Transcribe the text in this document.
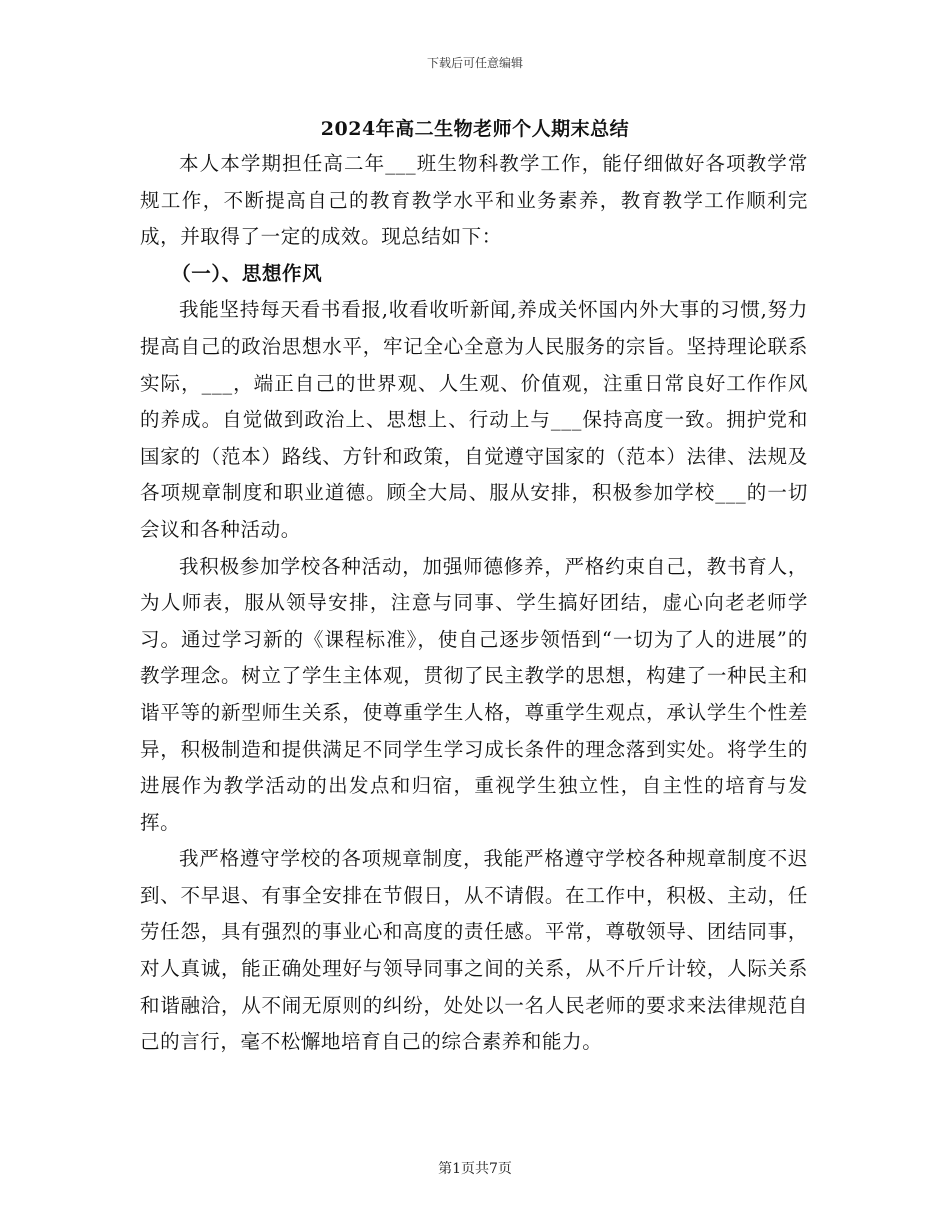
下载后可任意编辑
2024年高二生物老师个人期末总结

本人本学期担任高二年___班生物科教学工作，能仔细做好各项教学常规工作，不断提高自己的教育教学水平和业务素养，教育教学工作顺利完成，并取得了一定的成效。现总结如下：

（一）、思想作风

我能坚持每天看书看报,收看收听新闻,养成关怀国内外大事的习惯,努力提高自己的政治思想水平，牢记全心全意为人民服务的宗旨。坚持理论联系实际，___，端正自己的世界观、人生观、价值观，注重日常良好工作作风的养成。自觉做到政治上、思想上、行动上与___保持高度一致。拥护党和国家的（范本）路线、方针和政策，自觉遵守国家的（范本）法律、法规及各项规章制度和职业道德。顾全大局、服从安排，积极参加学校___的一切会议和各种活动。

我积极参加学校各种活动，加强师德修养，严格约束自己，教书育人，为人师表，服从领导安排，注意与同事、学生搞好团结，虚心向老老师学习。通过学习新的《课程标准》，使自己逐步领悟到“一切为了人的进展”的教学理念。树立了学生主体观，贯彻了民主教学的思想，构建了一种民主和谐平等的新型师生关系，使尊重学生人格，尊重学生观点，承认学生个性差异，积极制造和提供满足不同学生学习成长条件的理念落到实处。将学生的进展作为教学活动的出发点和归宿，重视学生独立性，自主性的培育与发挥。

我严格遵守学校的各项规章制度，我能严格遵守学校各种规章制度不迟到、不早退、有事全安排在节假日，从不请假。在工作中，积极、主动，任劳任怨，具有强烈的事业心和高度的责任感。平常，尊敬领导、团结同事，对人真诚，能正确处理好与领导同事之间的关系，从不斤斤计较，人际关系和谐融洽，从不闹无原则的纠纷，处处以一名人民老师的要求来法律规范自己的言行，毫不松懈地培育自己的综合素养和能力。

第1页共7页
